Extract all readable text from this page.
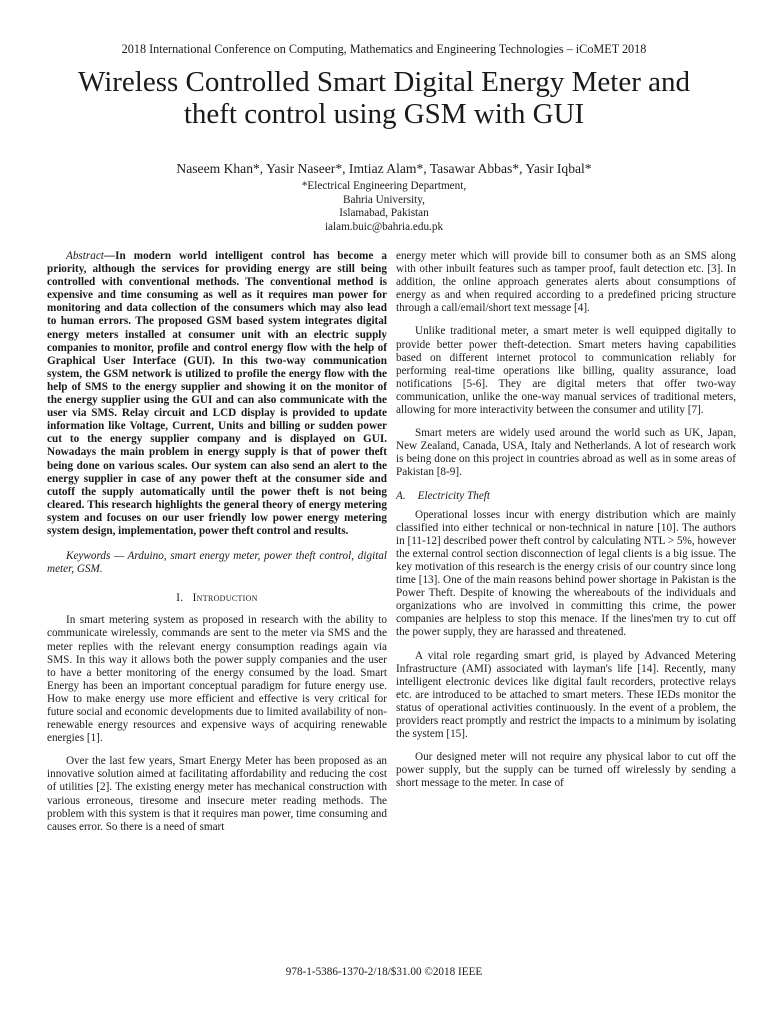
2018 International Conference on Computing, Mathematics and Engineering Technologies – iCoMET 2018
Wireless Controlled Smart Digital Energy Meter and
theft control using GSM with GUI
Naseem Khan*, Yasir Naseer*, Imtiaz Alam*, Tasawar Abbas*, Yasir Iqbal*
*Electrical Engineering Department,
Bahria University,
Islamabad, Pakistan
ialam.buic@bahria.edu.pk

Abstract—In modern world intelligent control has become a priority, although the services for providing energy are still being controlled with conventional methods. The conventional method is expensive and time consuming as well as it requires man power for monitoring and data collection of the consumers which may also lead to human errors. The proposed GSM based system integrates digital energy meters installed at consumer unit with an electric supply companies to monitor, profile and control energy flow with the help of Graphical User Interface (GUI). In this two-way communication system, the GSM network is utilized to profile the energy flow with the help of SMS to the energy supplier and showing it on the monitor of the energy supplier using the GUI and can also communicate with the user via SMS. Relay circuit and LCD display is provided to update information like Voltage, Current, Units and billing or sudden power cut to the energy supplier company and is displayed on GUI. Nowadays the main problem in energy supply is that of power theft being done on various scales. Our system can also send an alert to the energy supplier in case of any power theft at the consumer side and cutoff the supply automatically until the power theft is not being cleared. This research highlights the general theory of energy metering system and focuses on our user friendly low power energy metering system design, implementation, power theft control and results.

Keywords — Arduino, smart energy meter, power theft control, digital meter, GSM.

I. Introduction

In smart metering system as proposed in research with the ability to communicate wirelessly, commands are sent to the meter via SMS and the meter replies with the relevant energy consumption readings again via SMS. In this way it allows both the power supply companies and the user to have a better monitoring of the energy consumed by the load. Smart Energy has been an important conceptual paradigm for future energy use. How to make energy use more efficient and effective is very critical for future social and economic developments due to limited availability of non-renewable energy resources and expensive ways of acquiring renewable energies [1].

Over the last few years, Smart Energy Meter has been proposed as an innovative solution aimed at facilitating affordability and reducing the cost of utilities [2]. The existing energy meter has mechanical construction with various erroneous, tiresome and insecure meter reading methods. The problem with this system is that it requires man power, time consuming and causes error. So there is a need of smart

energy meter which will provide bill to consumer both as an SMS along with other inbuilt features such as tamper proof, fault detection etc. [3]. In addition, the online approach generates alerts about consumptions of energy as and when required according to a predefined pricing structure through a call/email/short text message [4].

Unlike traditional meter, a smart meter is well equipped digitally to provide better power theft-detection. Smart meters having capabilities based on different internet protocol to communication reliably for performing real-time operations like billing, quality assurance, load notifications [5-6]. They are digital meters that offer two-way communication, unlike the one-way manual services of traditional meters, allowing for more interactivity between the consumer and utility [7].

Smart meters are widely used around the world such as UK, Japan, New Zealand, Canada, USA, Italy and Netherlands. A lot of research work is being done on this project in countries abroad as well as in some areas of Pakistan [8-9].

A. Electricity Theft

Operational losses incur with energy distribution which are mainly classified into either technical or non-technical in nature [10]. The authors in [11-12] described power theft control by calculating NTL > 5%, however the external control section disconnection of legal clients is a big issue. The key motivation of this research is the energy crisis of our country since long time [13]. One of the main reasons behind power shortage in Pakistan is the Power Theft. Despite of knowing the whereabouts of the individuals and organizations who are involved in committing this crime, the power companies are helpless to stop this menace. If the lines'men try to cut off the power supply, they are harassed and threatened.

A vital role regarding smart grid, is played by Advanced Metering Infrastructure (AMI) associated with layman's life [14]. Recently, many intelligent electronic devices like digital fault recorders, protective relays etc. are introduced to be attached to smart meters. These IEDs monitor the status of operational activities continuously. In the event of a problem, the providers react promptly and restrict the impacts to a minimum by isolating the system [15].

Our designed meter will not require any physical labor to cut off the power supply, but the supply can be turned off wirelessly by sending a short message to the meter. In case of

978-1-5386-1370-2/18/$31.00 ©2018 IEEE
